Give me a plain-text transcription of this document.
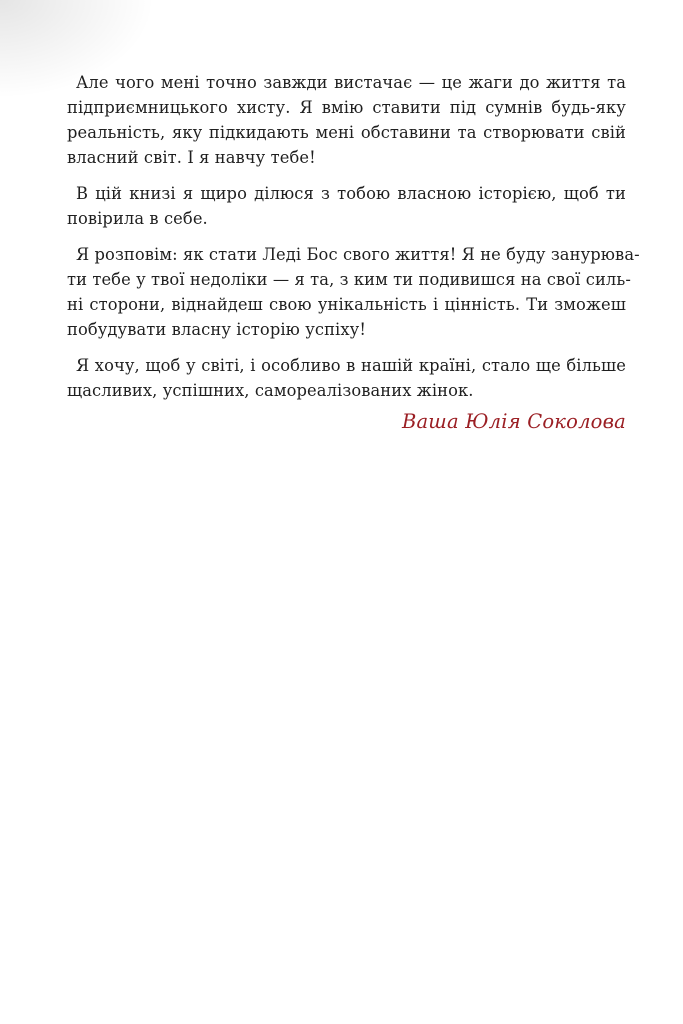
Але чого мені точно завжди вистачає — це жаги до життя та
підприємницького хисту. Я вмію ставити під сумнів будь-яку
реальність, яку підкидають мені обставини та створювати свій
власний світ. І я навчу тебе!
В цій книзі я щиро ділюся з тобою власною історією, щоб ти
повірила в себе.
Я розповім: як стати Леді Бос свого життя! Я не буду занурюва-
ти тебе у твої недоліки — я та, з ким ти подивишся на свої силь-
ні сторони, віднайдеш свою унікальність і цінність. Ти зможеш
побудувати власну історію успіху!
Я хочу, щоб у світі, і особливо в нашій країні, стало ще більше
щасливих, успішних, самореалізованих жінок.
Ваша Юлія Соколова
